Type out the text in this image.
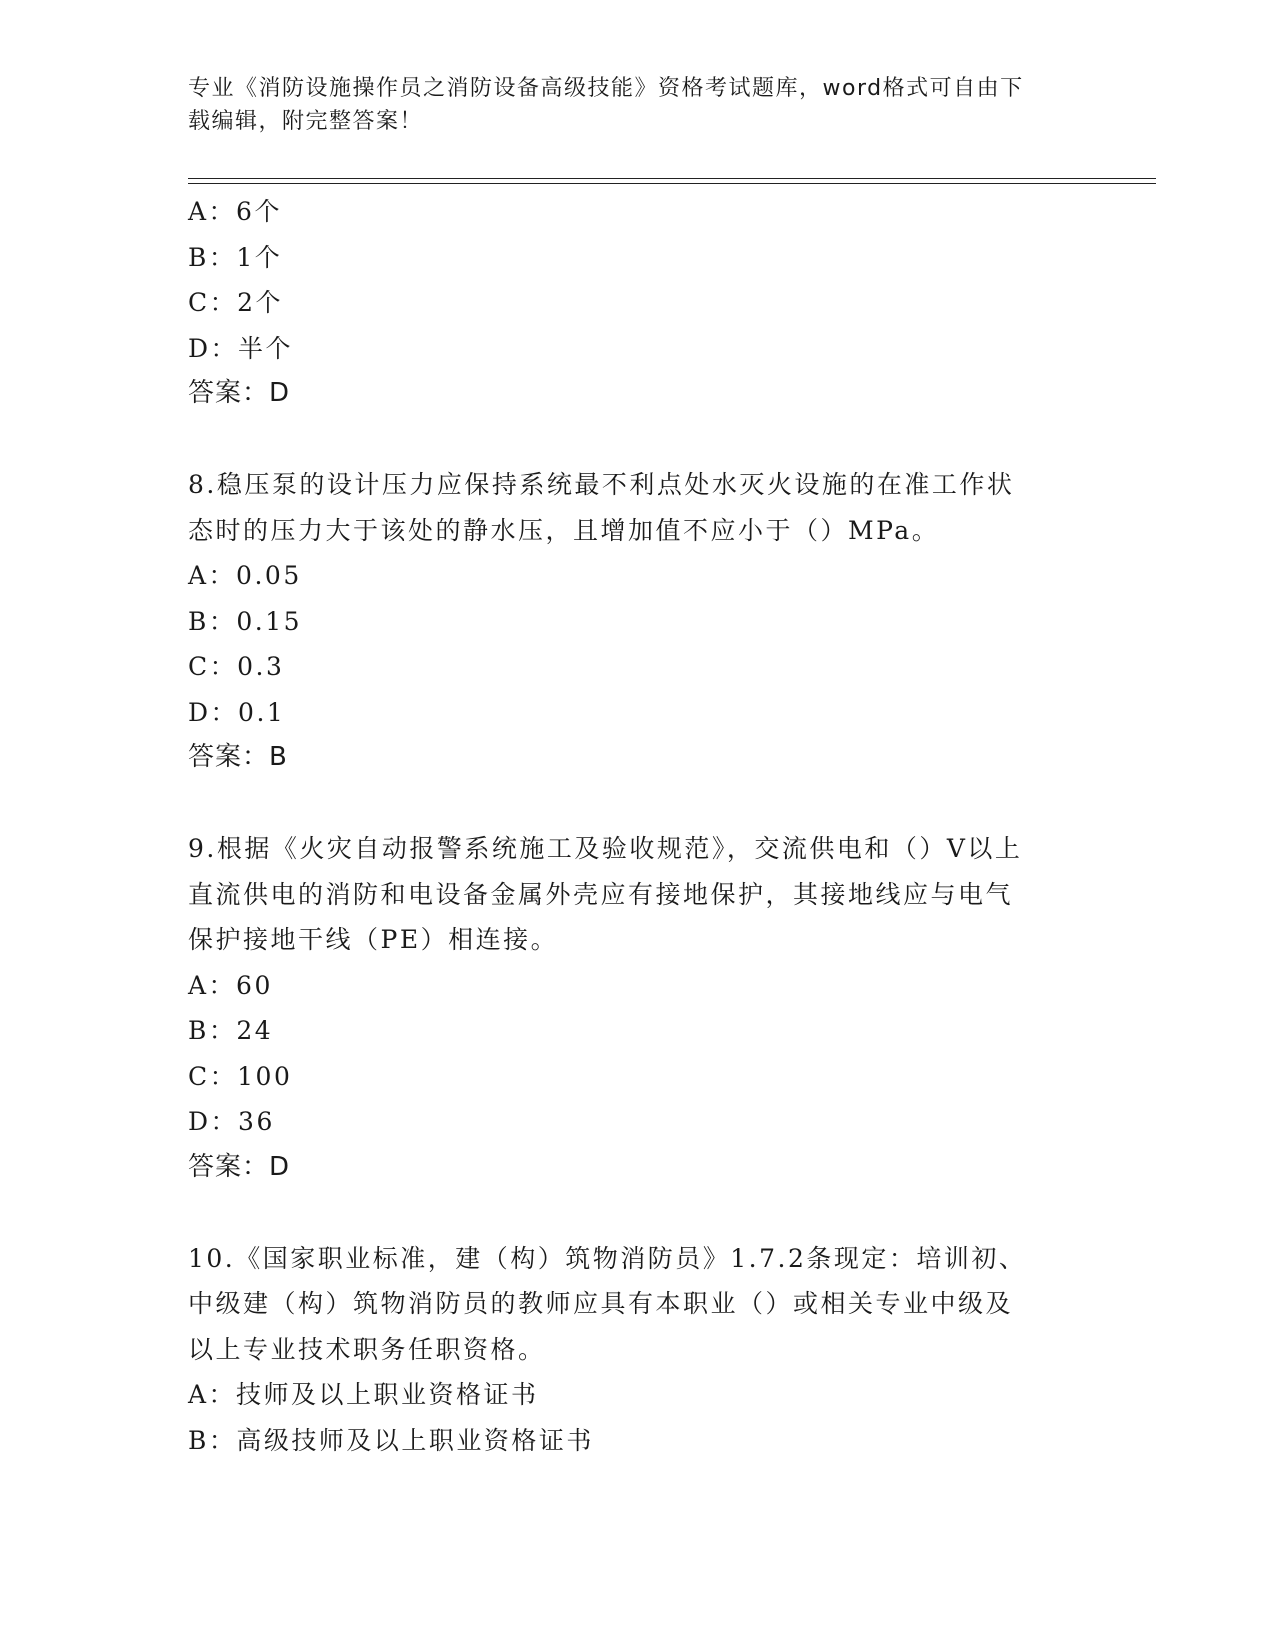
专业《消防设施操作员之消防设备高级技能》资格考试题库，word格式可自由下
载编辑，附完整答案！
A：6个
B：1个
C：2个
D：半个
答案：D
8.稳压泵的设计压力应保持系统最不利点处水灭火设施的在准工作状
态时的压力大于该处的静水压，且增加值不应小于（）MPa。
A：0.05
B：0.15
C：0.3
D：0.1
答案：B
9.根据《火灾自动报警系统施工及验收规范》，交流供电和（）V以上
直流供电的消防和电设备金属外壳应有接地保护，其接地线应与电气
保护接地干线（PE）相连接。
A：60
B：24
C：100
D：36
答案：D
10.《国家职业标准，建（构）筑物消防员》1.7.2条现定：培训初、
中级建（构）筑物消防员的教师应具有本职业（）或相关专业中级及
以上专业技术职务任职资格。
A：技师及以上职业资格证书
B：高级技师及以上职业资格证书
